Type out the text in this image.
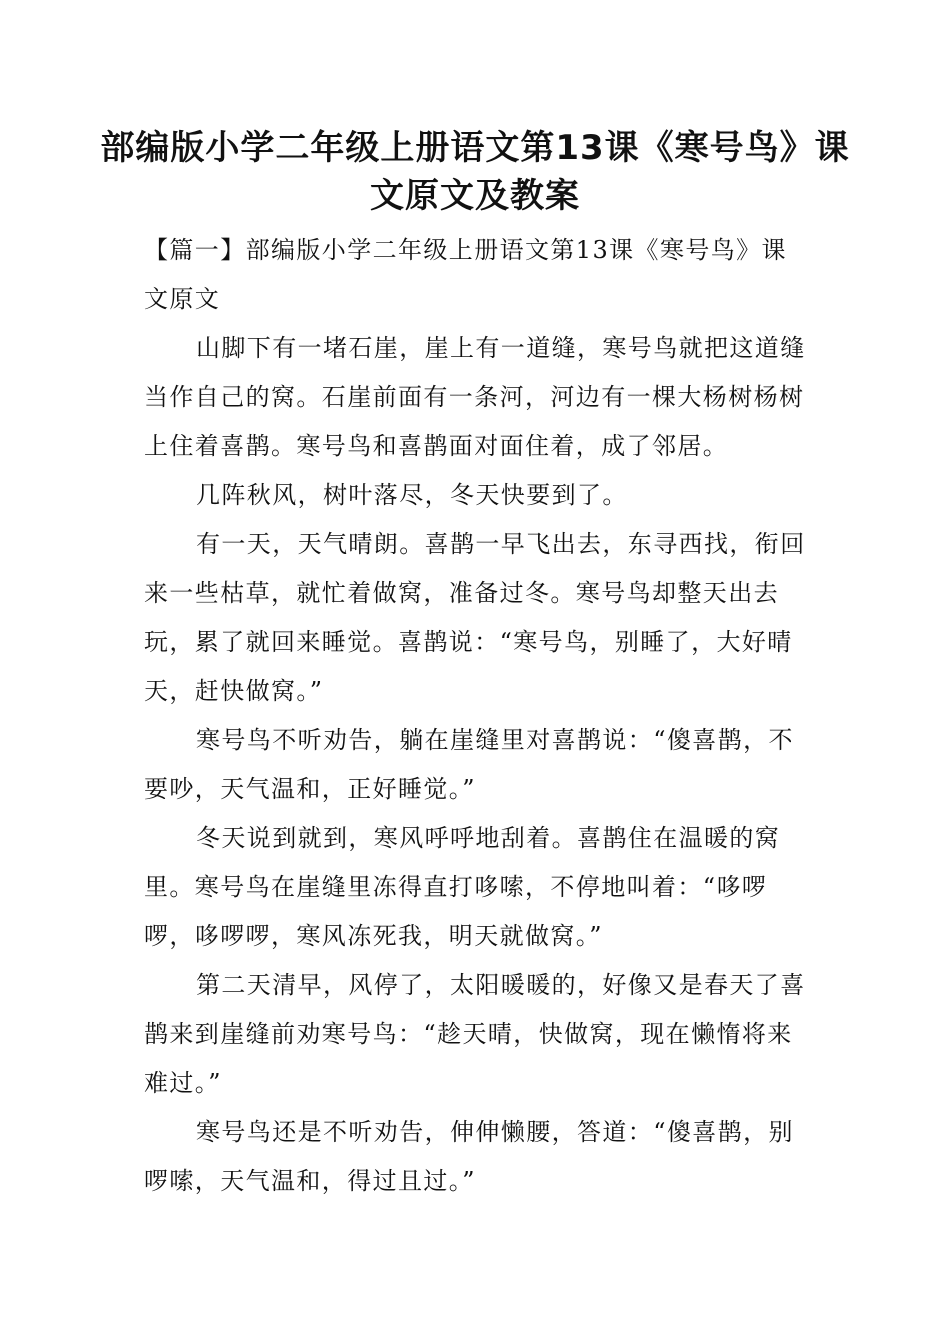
部编版小学二年级上册语文第13课《寒号鸟》课文原文及教案

【篇一】部编版小学二年级上册语文第13课《寒号鸟》课文原文

山脚下有一堵石崖，崖上有一道缝，寒号鸟就把这道缝当作自己的窝。石崖前面有一条河，河边有一棵大杨树杨树上住着喜鹊。寒号鸟和喜鹊面对面住着，成了邻居。

几阵秋风，树叶落尽，冬天快要到了。

有一天，天气晴朗。喜鹊一早飞出去，东寻西找，衔回来一些枯草，就忙着做窝，准备过冬。寒号鸟却整天出去玩，累了就回来睡觉。喜鹊说：“寒号鸟，别睡了，大好晴天，赶快做窝。”

寒号鸟不听劝告，躺在崖缝里对喜鹊说：“傻喜鹊，不要吵，天气温和，正好睡觉。”

冬天说到就到，寒风呼呼地刮着。喜鹊住在温暖的窝里。寒号鸟在崖缝里冻得直打哆嗦，不停地叫着：“哆啰啰，哆啰啰，寒风冻死我，明天就做窝。”

第二天清早，风停了，太阳暖暖的，好像又是春天了喜鹊来到崖缝前劝寒号鸟：“趁天晴，快做窝，现在懒惰将来难过。”

寒号鸟还是不听劝告，伸伸懒腰，答道：“傻喜鹊，别啰嗦，天气温和，得过且过。”
